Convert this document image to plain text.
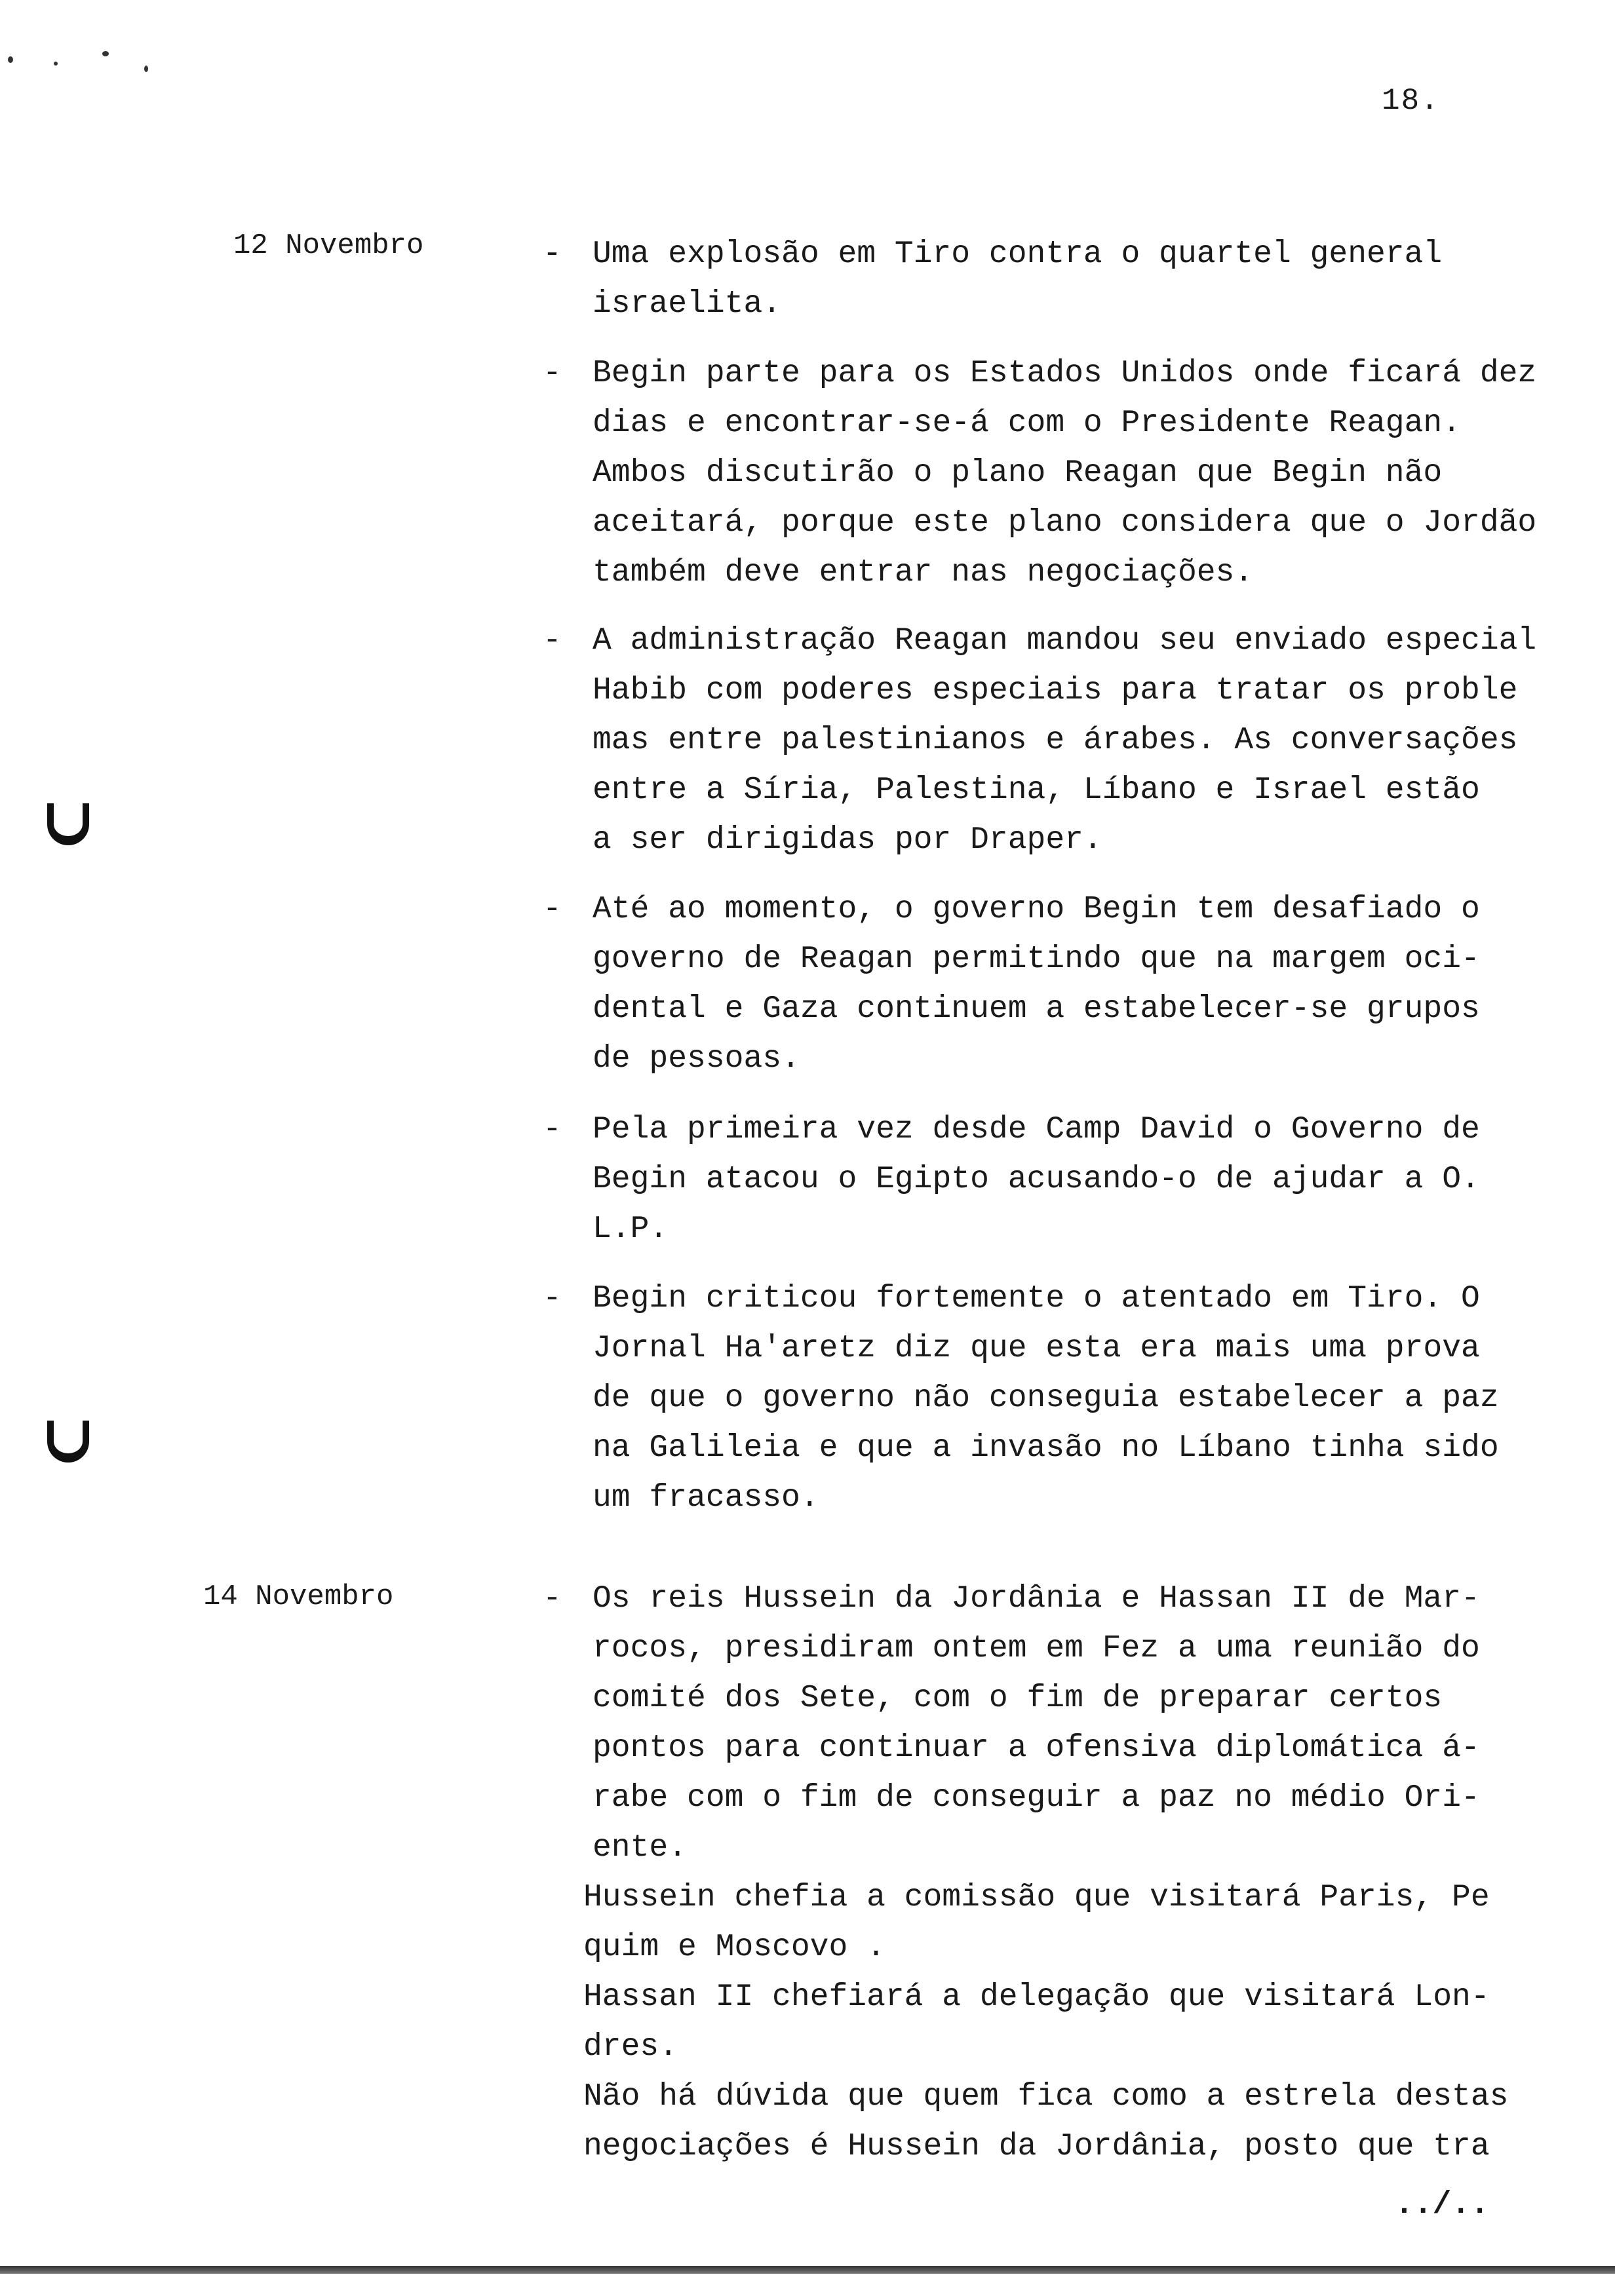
18.
12 Novembro	- Uma explosão em Tiro contra o quartel general
israelita.
- Begin parte para os Estados Unidos onde ficará dez
dias e encontrar-se-á com o Presidente Reagan.
Ambos discutirão o plano Reagan que Begin não
aceitará, porque este plano considera que o Jordão
também deve entrar nas negociações.
- A administração Reagan mandou seu enviado especial
Habib com poderes especiais para tratar os proble
mas entre palestinianos e árabes. As conversações
entre a Síria, Palestina, Líbano e Israel estão
a ser dirigidas por Draper.
- Até ao momento, o governo Begin tem desafiado o
governo de Reagan permitindo que na margem oci-
dental e Gaza continuem a estabelecer-se grupos
de pessoas.
- Pela primeira vez desde Camp David o Governo de
Begin atacou o Egipto acusando-o de ajudar a O.
L.P.
- Begin criticou fortemente o atentado em Tiro. O
Jornal Ha'aretz diz que esta era mais uma prova
de que o governo não conseguia estabelecer a paz
na Galileia e que a invasão no Líbano tinha sido
um fracasso.
14 Novembro	- Os reis Hussein da Jordânia e Hassan II de Mar-
rocos, presidiram ontem em Fez a uma reunião do
comité dos Sete, com o fim de preparar certos
pontos para continuar a ofensiva diplomática á-
rabe com o fim de conseguir a paz no médio Ori-
ente.
Hussein chefia a comissão que visitará Paris, Pe
quim e Moscovo .
Hassan II chefiará a delegação que visitará Lon-
dres.
Não há dúvida que quem fica como a estrela destas
negociações é Hussein da Jordânia, posto que tra
../..
